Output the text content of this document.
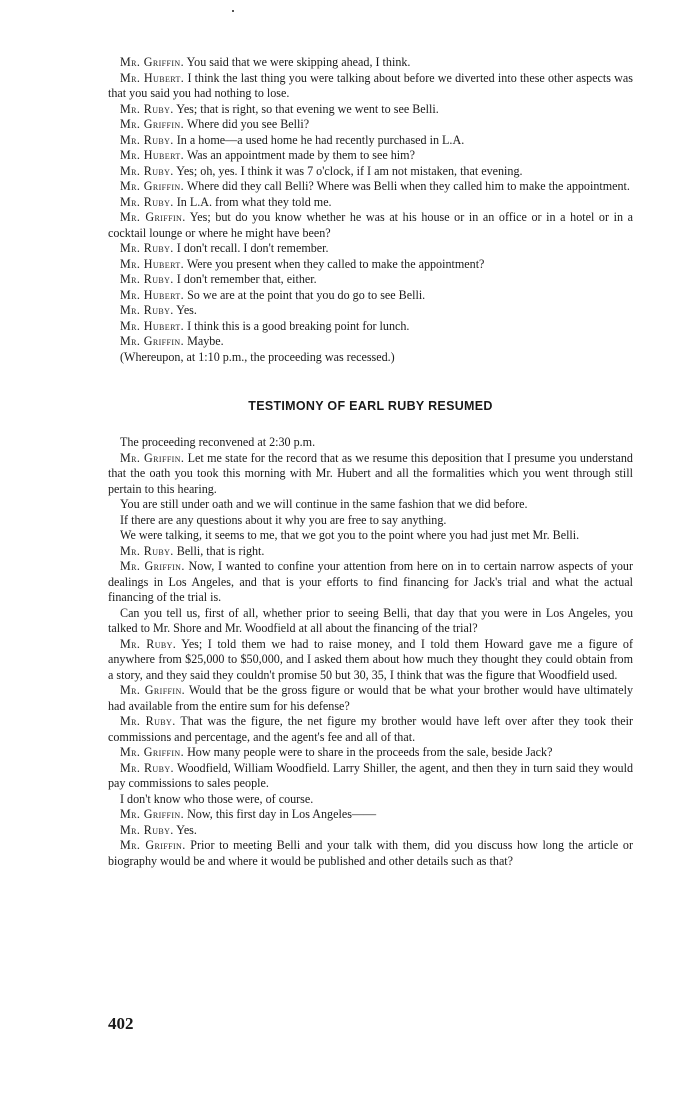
Mr. Griffin. You said that we were skipping ahead, I think.

Mr. Hubert. I think the last thing you were talking about before we diverted into these other aspects was that you said you had nothing to lose.

Mr. Ruby. Yes; that is right, so that evening we went to see Belli.

Mr. Griffin. Where did you see Belli?

Mr. Ruby. In a home—a used home he had recently purchased in L.A.

Mr. Hubert. Was an appointment made by them to see him?

Mr. Ruby. Yes; oh, yes. I think it was 7 o'clock, if I am not mistaken, that evening.

Mr. Griffin. Where did they call Belli? Where was Belli when they called him to make the appointment.

Mr. Ruby. In L.A. from what they told me.

Mr. Griffin. Yes; but do you know whether he was at his house or in an office or in a hotel or in a cocktail lounge or where he might have been?

Mr. Ruby. I don't recall. I don't remember.

Mr. Hubert. Were you present when they called to make the appointment?

Mr. Ruby. I don't remember that, either.

Mr. Hubert. So we are at the point that you do go to see Belli.

Mr. Ruby. Yes.

Mr. Hubert. I think this is a good breaking point for lunch.

Mr. Griffin. Maybe.

(Whereupon, at 1:10 p.m., the proceeding was recessed.)

TESTIMONY OF EARL RUBY RESUMED

The proceeding reconvened at 2:30 p.m.

Mr. Griffin. Let me state for the record that as we resume this deposition that I presume you understand that the oath you took this morning with Mr. Hubert and all the formalities which you went through still pertain to this hearing.

You are still under oath and we will continue in the same fashion that we did before.

If there are any questions about it why you are free to say anything.

We were talking, it seems to me, that we got you to the point where you had just met Mr. Belli.

Mr. Ruby. Belli, that is right.

Mr. Griffin. Now, I wanted to confine your attention from here on in to certain narrow aspects of your dealings in Los Angeles, and that is your efforts to find financing for Jack's trial and what the actual financing of the trial is.

Can you tell us, first of all, whether prior to seeing Belli, that day that you were in Los Angeles, you talked to Mr. Shore and Mr. Woodfield at all about the financing of the trial?

Mr. Ruby. Yes; I told them we had to raise money, and I told them Howard gave me a figure of anywhere from $25,000 to $50,000, and I asked them about how much they thought they could obtain from a story, and they said they couldn't promise 50 but 30, 35, I think that was the figure that Woodfield used.

Mr. Griffin. Would that be the gross figure or would that be what your brother would have ultimately had available from the entire sum for his defense?

Mr. Ruby. That was the figure, the net figure my brother would have left over after they took their commissions and percentage, and the agent's fee and all of that.

Mr. Griffin. How many people were to share in the proceeds from the sale, beside Jack?

Mr. Ruby. Woodfield, William Woodfield. Larry Shiller, the agent, and then they in turn said they would pay commissions to sales people.

I don't know who those were, of course.

Mr. Griffin. Now, this first day in Los Angeles——

Mr. Ruby. Yes.

Mr. Griffin. Prior to meeting Belli and your talk with them, did you discuss how long the article or biography would be and where it would be published and other details such as that?

402
